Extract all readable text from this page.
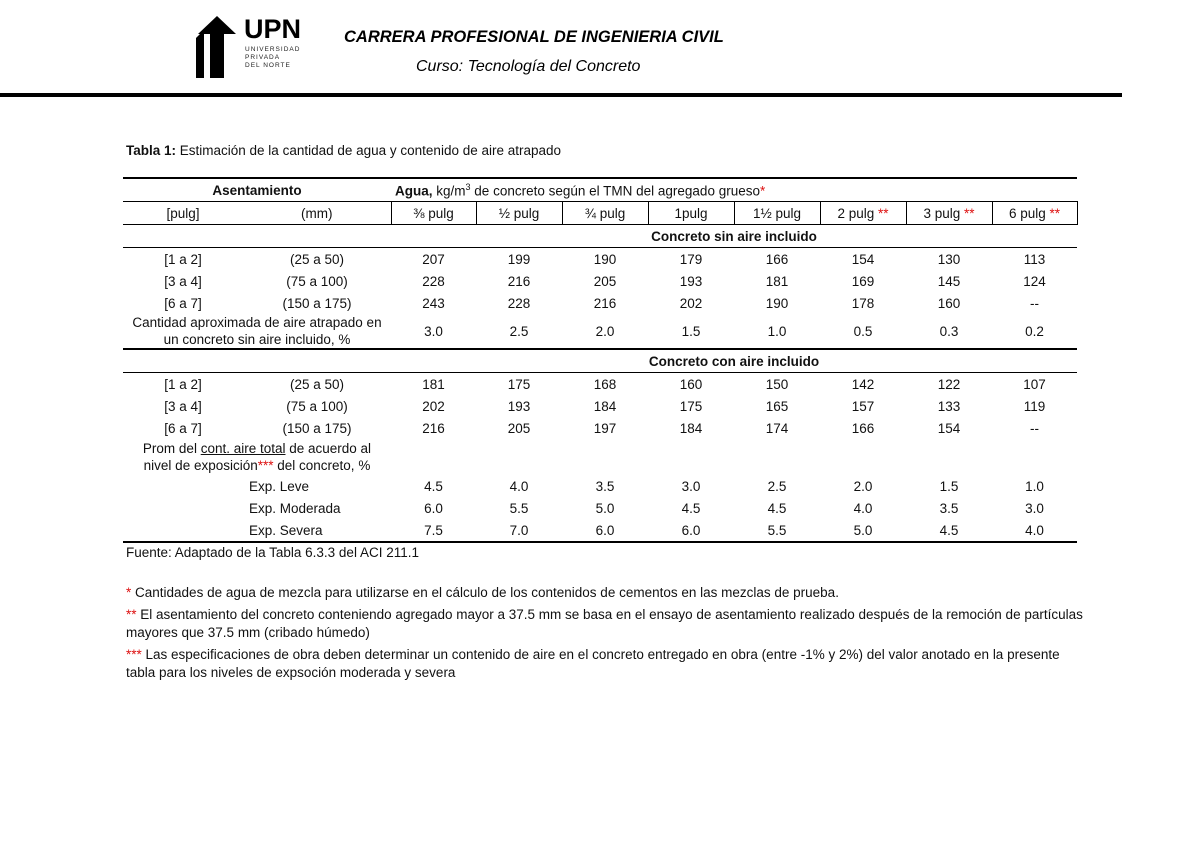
UPN
UNIVERSIDAD
PRIVADA
DEL NORTE
CARRERA PROFESIONAL DE INGENIERIA CIVIL
Curso: Tecnología del Concreto
Tabla 1: Estimación de la cantidad de agua y contenido de aire atrapado
Asentamiento		Agua, $kg/m^3$ de concreto según el TMN del agregado grueso*							
[pulg]	(mm)	⅜ pulg	½ pulg	¾ pulg	1pulg	1½ pulg	2 pulg **	3 pulg **	6 pulg **
		Concreto sin aire incluido							
[1 a 2]	(25 a 50)	207	199	190	179	166	154	130	113
[3 a 4]	(75 a 100)	228	216	205	193	181	169	145	124
[6 a 7]	(150 a 175)	243	228	216	202	190	178	160	--
Cantidad aproximada de aire atrapado en
un concreto sin aire incluido, %		3.0	2.5	2.0	1.5	1.0	0.5	0.3	0.2
		Concreto con aire incluido							
[1 a 2]	(25 a 50)	181	175	168	160	150	142	122	107
[3 a 4]	(75 a 100)	202	193	184	175	165	157	133	119
[6 a 7]	(150 a 175)	216	205	197	184	174	166	154	--
Prom del cont. aire total de acuerdo al
nivel de exposición*** del concreto, %									
	Exp. Leve	4.5	4.0	3.5	3.0	2.5	2.0	1.5	1.0
	Exp. Moderada	6.0	5.5	5.0	4.5	4.5	4.0	3.5	3.0
	Exp. Severa	7.5	7.0	6.0	6.0	5.5	5.0	4.5	4.0
Fuente: Adaptado de la Tabla 6.3.3 del ACI 211.1
* Cantidades de agua de mezcla para utilizarse en el cálculo de los contenidos de cementos en las mezclas de prueba.
** El asentamiento del concreto conteniendo agregado mayor a 37.5 mm se basa en el ensayo de asentamiento realizado después de la remoción de partículas mayores que 37.5 mm (cribado húmedo)
*** Las especificaciones de obra deben determinar un contenido de aire en el concreto entregado en obra (entre -1% y 2%) del valor anotado en la presente tabla para los niveles de expsoción moderada y severa
